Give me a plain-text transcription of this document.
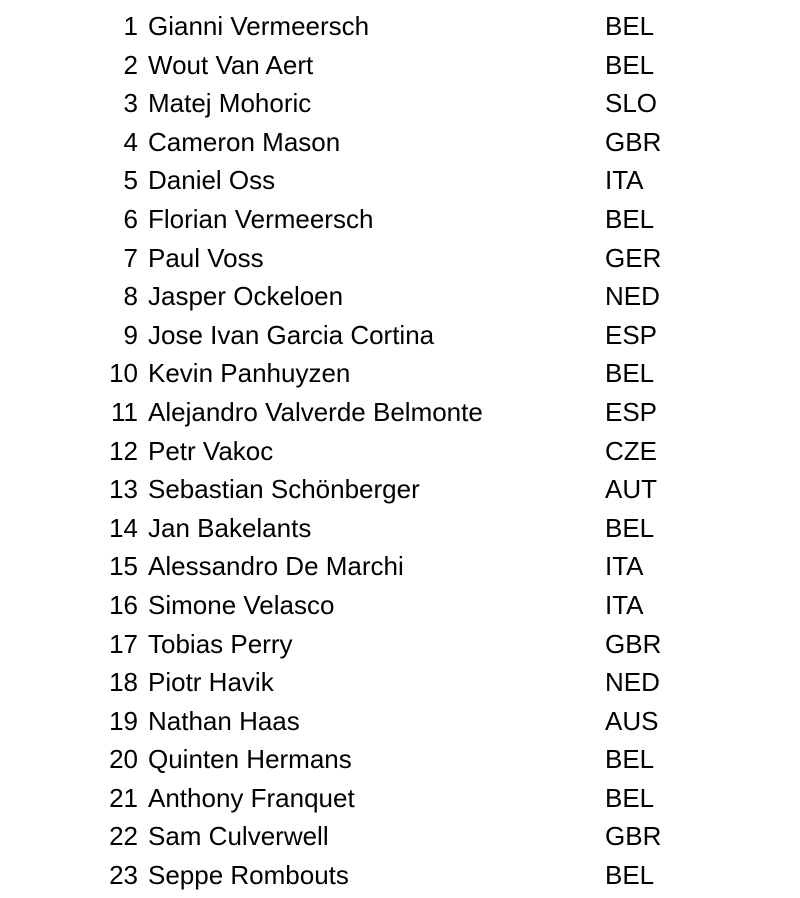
1 Gianni Vermeersch	BEL
2 Wout Van Aert	BEL
3 Matej Mohoric	SLO
4 Cameron Mason	GBR
5 Daniel Oss	ITA
6 Florian Vermeersch	BEL
7 Paul Voss	GER
8 Jasper Ockeloen	NED
9 Jose Ivan Garcia Cortina	ESP
10 Kevin Panhuyzen	BEL
11 Alejandro Valverde Belmonte	ESP
12 Petr Vakoc	CZE
13 Sebastian Schönberger	AUT
14 Jan Bakelants	BEL
15 Alessandro De Marchi	ITA
16 Simone Velasco	ITA
17 Tobias Perry	GBR
18 Piotr Havik	NED
19 Nathan Haas	AUS
20 Quinten Hermans	BEL
21 Anthony Franquet	BEL
22 Sam Culverwell	GBR
23 Seppe Rombouts	BEL
